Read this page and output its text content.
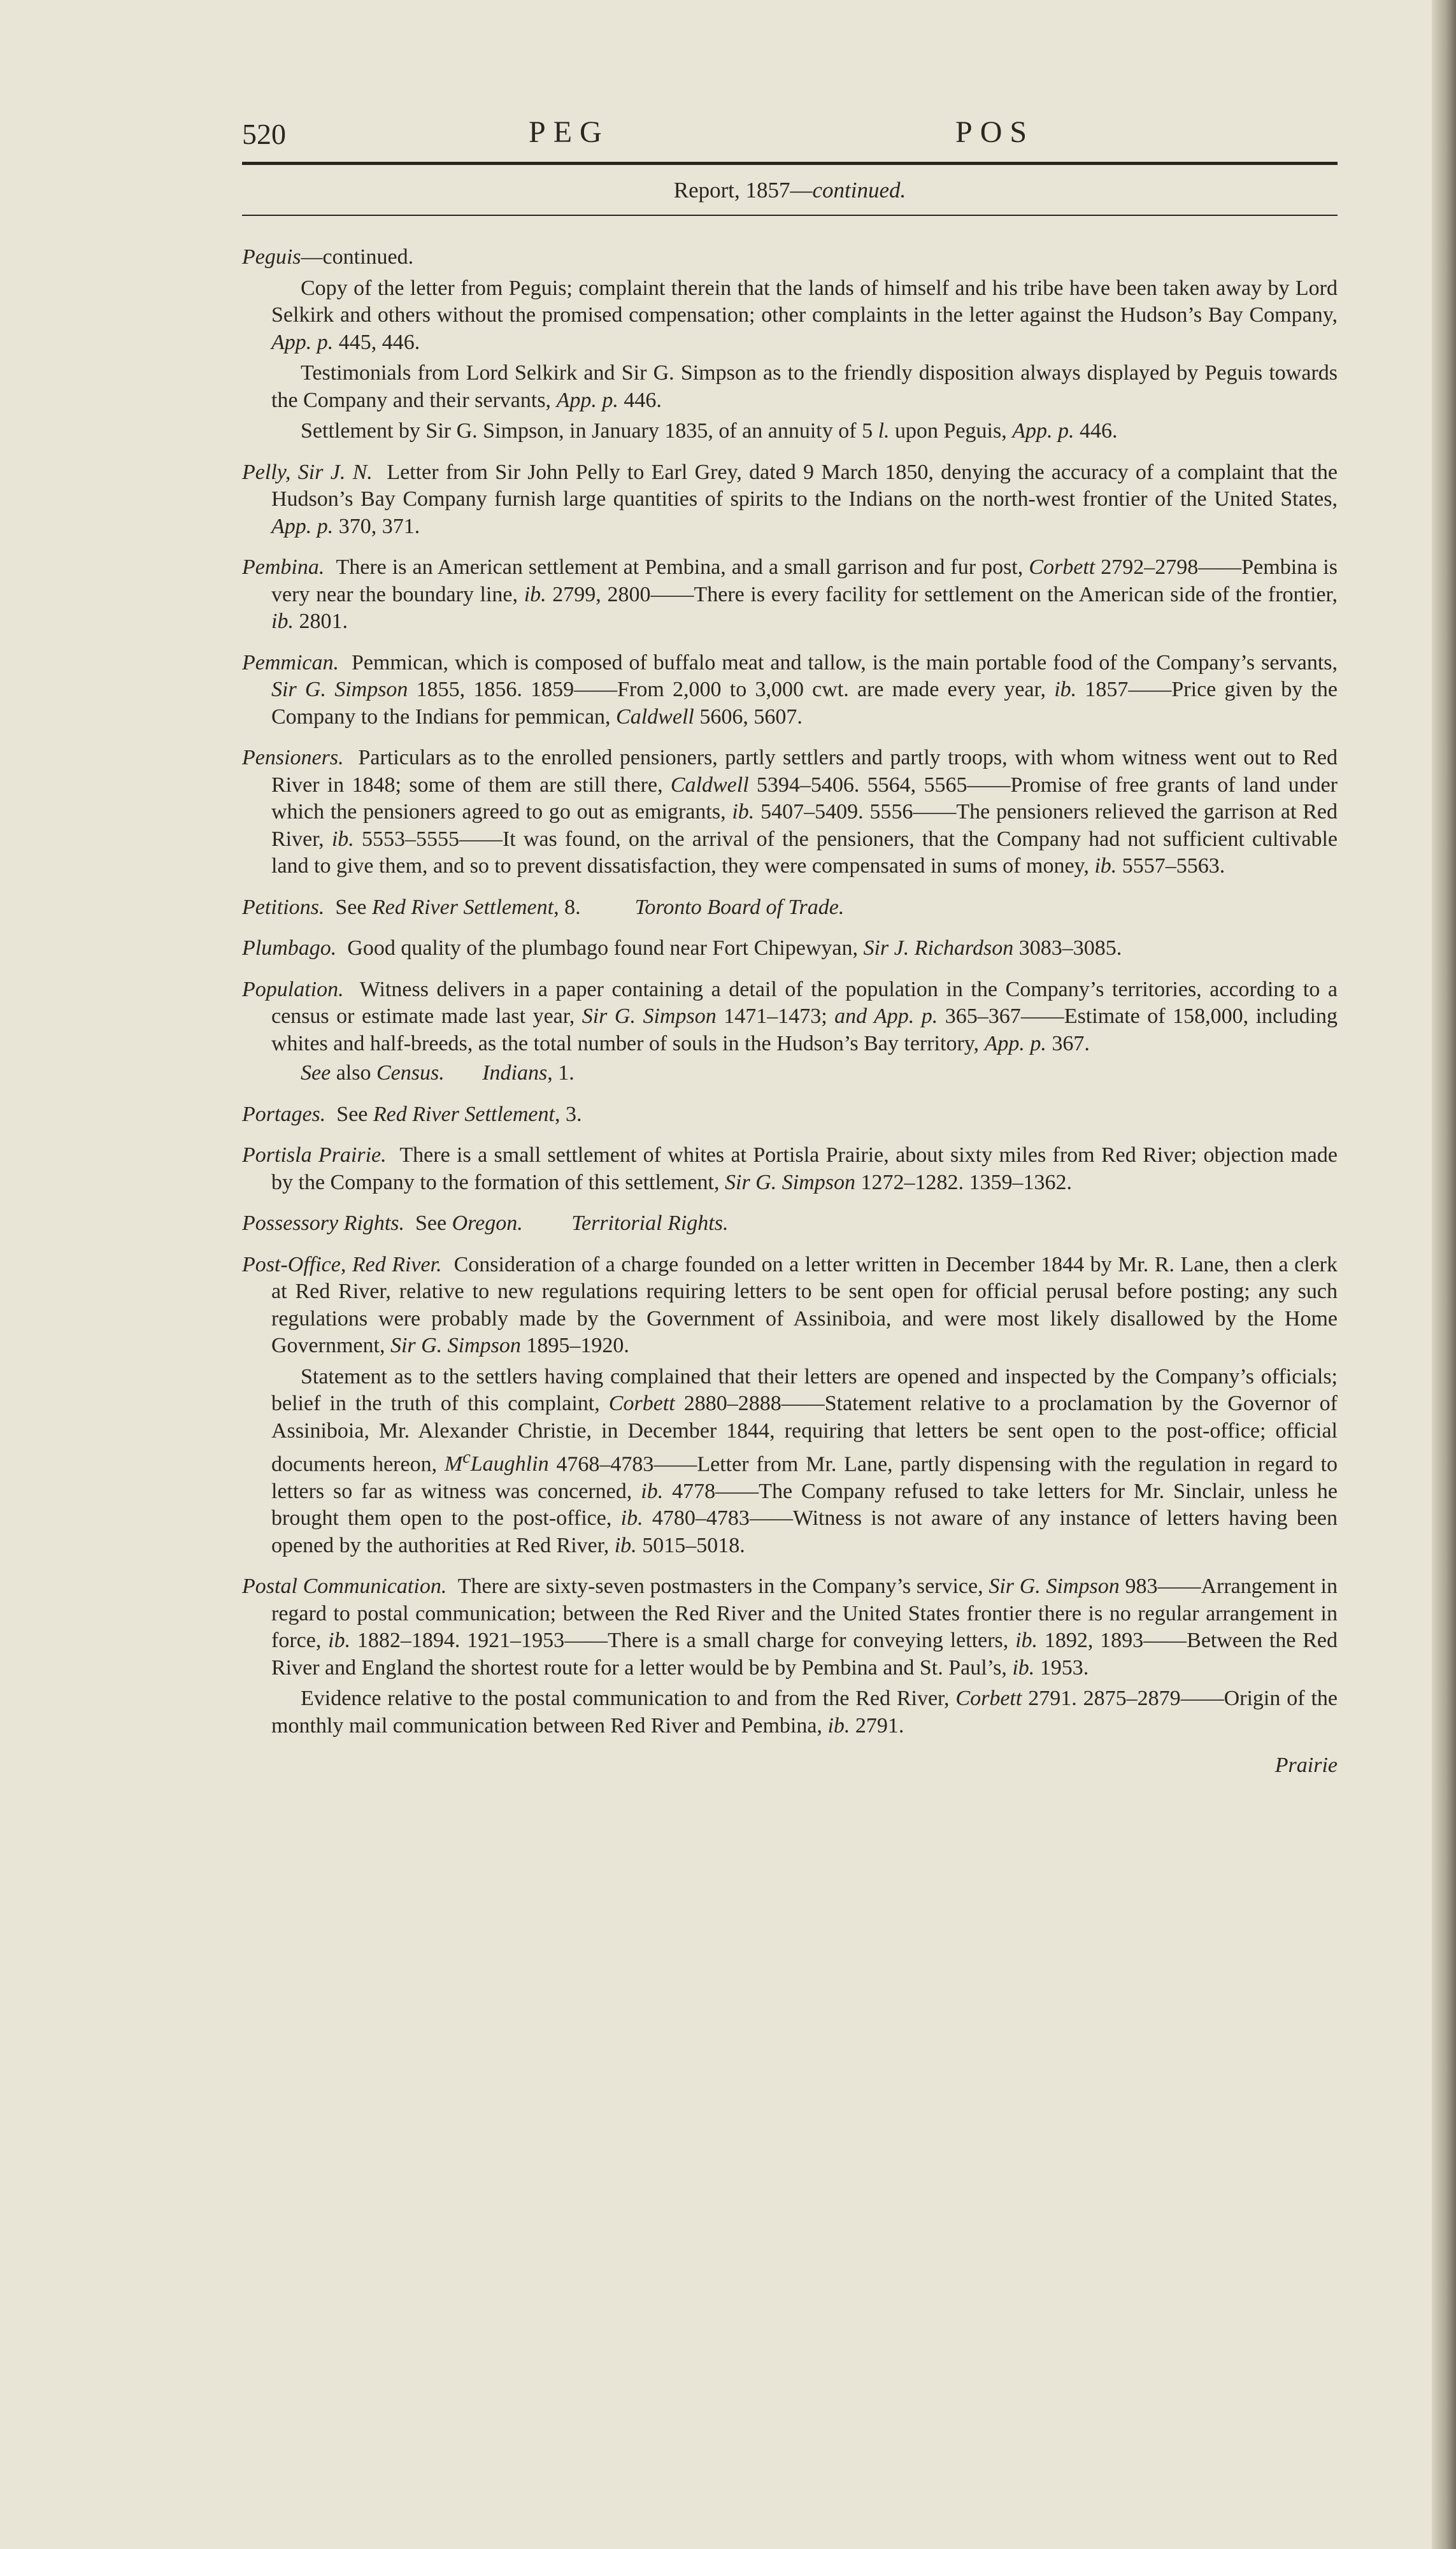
520	PEG	POS
Report, 1857—continued.

Peguis—continued.

Copy of the letter from Peguis; complaint therein that the lands of himself and his tribe have been taken away by Lord Selkirk and others without the promised compensation; other complaints in the letter against the Hudson’s Bay Company, App. p. 445, 446.

Testimonials from Lord Selkirk and Sir G. Simpson as to the friendly disposition always displayed by Peguis towards the Company and their servants, App. p. 446.

Settlement by Sir G. Simpson, in January 1835, of an annuity of 5 l. upon Peguis, App. p. 446.

Pelly, Sir J. N.  Letter from Sir John Pelly to Earl Grey, dated 9 March 1850, denying the accuracy of a complaint that the Hudson’s Bay Company furnish large quantities of spirits to the Indians on the north-west frontier of the United States, App. p. 370, 371.

Pembina.  There is an American settlement at Pembina, and a small garrison and fur post, Corbett 2792–2798——Pembina is very near the boundary line, ib. 2799, 2800——There is every facility for settlement on the American side of the frontier, ib. 2801.

Pemmican.  Pemmican, which is composed of buffalo meat and tallow, is the main portable food of the Company’s servants, Sir G. Simpson 1855, 1856. 1859——From 2,000 to 3,000 cwt. are made every year, ib. 1857——Price given by the Company to the Indians for pemmican, Caldwell 5606, 5607.

Pensioners.  Particulars as to the enrolled pensioners, partly settlers and partly troops, with whom witness went out to Red River in 1848; some of them are still there, Caldwell 5394–5406. 5564, 5565——Promise of free grants of land under which the pensioners agreed to go out as emigrants, ib. 5407–5409. 5556——The pensioners relieved the garrison at Red River, ib. 5553–5555——It was found, on the arrival of the pensioners, that the Company had not sufficient cultivable land to give them, and so to prevent dissatisfaction, they were compensated in sums of money, ib. 5557–5563.

Petitions.  See Red River Settlement, 8.          Toronto Board of Trade.

Plumbago.  Good quality of the plumbago found near Fort Chipewyan, Sir J. Richardson 3083–3085.

Population.  Witness delivers in a paper containing a detail of the population in the Company’s territories, according to a census or estimate made last year, Sir G. Simpson 1471–1473; and App. p. 365–367——Estimate of 158,000, including whites and half-breeds, as the total number of souls in the Hudson’s Bay territory, App. p. 367.

See also Census. Indians, 1.

Portages.  See Red River Settlement, 3.

Portisla Prairie.  There is a small settlement of whites at Portisla Prairie, about sixty miles from Red River; objection made by the Company to the formation of this settlement, Sir G. Simpson 1272–1282. 1359–1362.

Possessory Rights.  See Oregon. Territorial Rights.

Post-Office, Red River.  Consideration of a charge founded on a letter written in December 1844 by Mr. R. Lane, then a clerk at Red River, relative to new regulations requiring letters to be sent open for official perusal before posting; any such regulations were probably made by the Government of Assiniboia, and were most likely disallowed by the Home Government, Sir G. Simpson 1895–1920.

Statement as to the settlers having complained that their letters are opened and inspected by the Company’s officials; belief in the truth of this complaint, Corbett 2880–2888——Statement relative to a proclamation by the Governor of Assiniboia, Mr. Alexander Christie, in December 1844, requiring that letters be sent open to the post-office; official documents hereon, $M^cLaughlin$ 4768–4783——Letter from Mr. Lane, partly dispensing with the regulation in regard to letters so far as witness was concerned, ib. 4778——The Company refused to take letters for Mr. Sinclair, unless he brought them open to the post-office, ib. 4780–4783——Witness is not aware of any instance of letters having been opened by the authorities at Red River, ib. 5015–5018.

Postal Communication.  There are sixty-seven postmasters in the Company’s service, Sir G. Simpson 983——Arrangement in regard to postal communication; between the Red River and the United States frontier there is no regular arrangement in force, ib. 1882–1894. 1921–1953——There is a small charge for conveying letters, ib. 1892, 1893——Between the Red River and England the shortest route for a letter would be by Pembina and St. Paul’s, ib. 1953.

Evidence relative to the postal communication to and from the Red River, Corbett 2791. 2875–2879——Origin of the monthly mail communication between Red River and Pembina, ib. 2791.

Prairie
